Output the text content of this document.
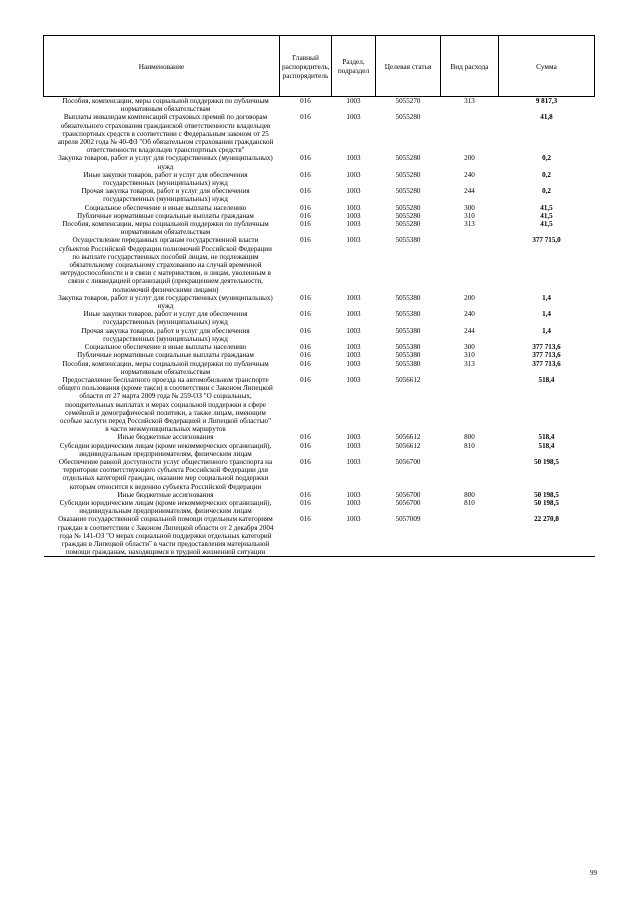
Наименование	Главный распорядитель, распорядитель	Раздел, подраздел	Целевая статья	Вид расхода	Сумма
Пособия, компенсации, меры социальной поддержки по публичным нормативным обязательствам	016	1003	5055270	313	9 817,3
Выплаты инвалидам компенсаций страховых премий по договорам обязательного страхования гражданской ответственности владельцев транспортных средств в соответствии с Федеральным законом от 25 апреля 2002 года № 40-ФЗ "Об обязательном страховании гражданской ответственности владельцев транспортных средств"	016	1003	5055280		41,8
Закупка товаров, работ и услуг для государственных (муниципальных) нужд	016	1003	5055280	200	0,2
Иные закупки товаров, работ и услуг для обеспечения государственных (муниципальных) нужд	016	1003	5055280	240	0,2
Прочая закупка товаров, работ и услуг для обеспечения государственных (муниципальных) нужд	016	1003	5055280	244	0,2
Социальное обеспечение и иные выплаты населению	016	1003	5055280	300	41,5
Публичные нормативные социальные выплаты гражданам	016	1003	5055280	310	41,5
Пособия, компенсации, меры социальной поддержки по публичным нормативным обязательствам	016	1003	5055280	313	41,5
Осуществление переданных органам государственной власти субъектов Российской Федерации полномочий Российской Федерации по выплате государственных пособий лицам, не подлежащим обязательному социальному страхованию на случай временной нетрудоспособности и в связи с материнством, и лицам, уволенным в связи с ликвидацией организаций (прекращением деятельности, полномочий физическими лицами)	016	1003	5055380		377 715,0
Закупка товаров, работ и услуг для государственных (муниципальных) нужд	016	1003	5055380	200	1,4
Иные закупки товаров, работ и услуг для обеспечения государственных (муниципальных) нужд	016	1003	5055380	240	1,4
Прочая закупка товаров, работ и услуг для обеспечения государственных (муниципальных) нужд	016	1003	5055380	244	1,4
Социальное обеспечение и иные выплаты населению	016	1003	5055380	300	377 713,6
Публичные нормативные социальные выплаты гражданам	016	1003	5055380	310	377 713,6
Пособия, компенсации, меры социальной поддержки по публичным нормативным обязательствам	016	1003	5055380	313	377 713,6
Предоставление бесплатного проезда на автомобильном транспорте общего пользования (кроме такси) в соответствии с Законом Липецкой области от 27 марта 2009 года № 259-ОЗ "О социальных, поощрительных выплатах и мерах социальной поддержки в сфере семейной и демографической политики, а также лицам, имеющим особые заслуги перед Российской Федерацией и Липецкой областью" в части межмуниципальных маршрутов	016	1003	5056612		518,4
Иные бюджетные ассигнования	016	1003	5056612	800	518,4
Субсидии юридическим лицам (кроме некоммерческих организаций), индивидуальным предпринимателям, физическим лицам	016	1003	5056612	810	518,4
Обеспечение равной доступности услуг общественного транспорта на территории соответствующего субъекта Российской Федерации для отдельных категорий граждан, оказание мер социальной поддержки которым относится к ведению субъекта Российской Федерации	016	1003	5056700		50 198,5
Иные бюджетные ассигнования	016	1003	5056700	800	50 198,5
Субсидии юридическим лицам (кроме некоммерческих организаций), индивидуальным предпринимателям, физическим лицам	016	1003	5056700	810	50 198,5
Оказание государственной социальной помощи отдельным категориям граждан в соответствии с Законом Липецкой области от 2 декабря 2004 года № 141-ОЗ "О мерах социальной поддержки отдельных категорий граждан в Липецкой области" в части предоставления материальной помощи гражданам, находящимся в трудной жизненной ситуации	016	1003	5057009		22 270,8
99
